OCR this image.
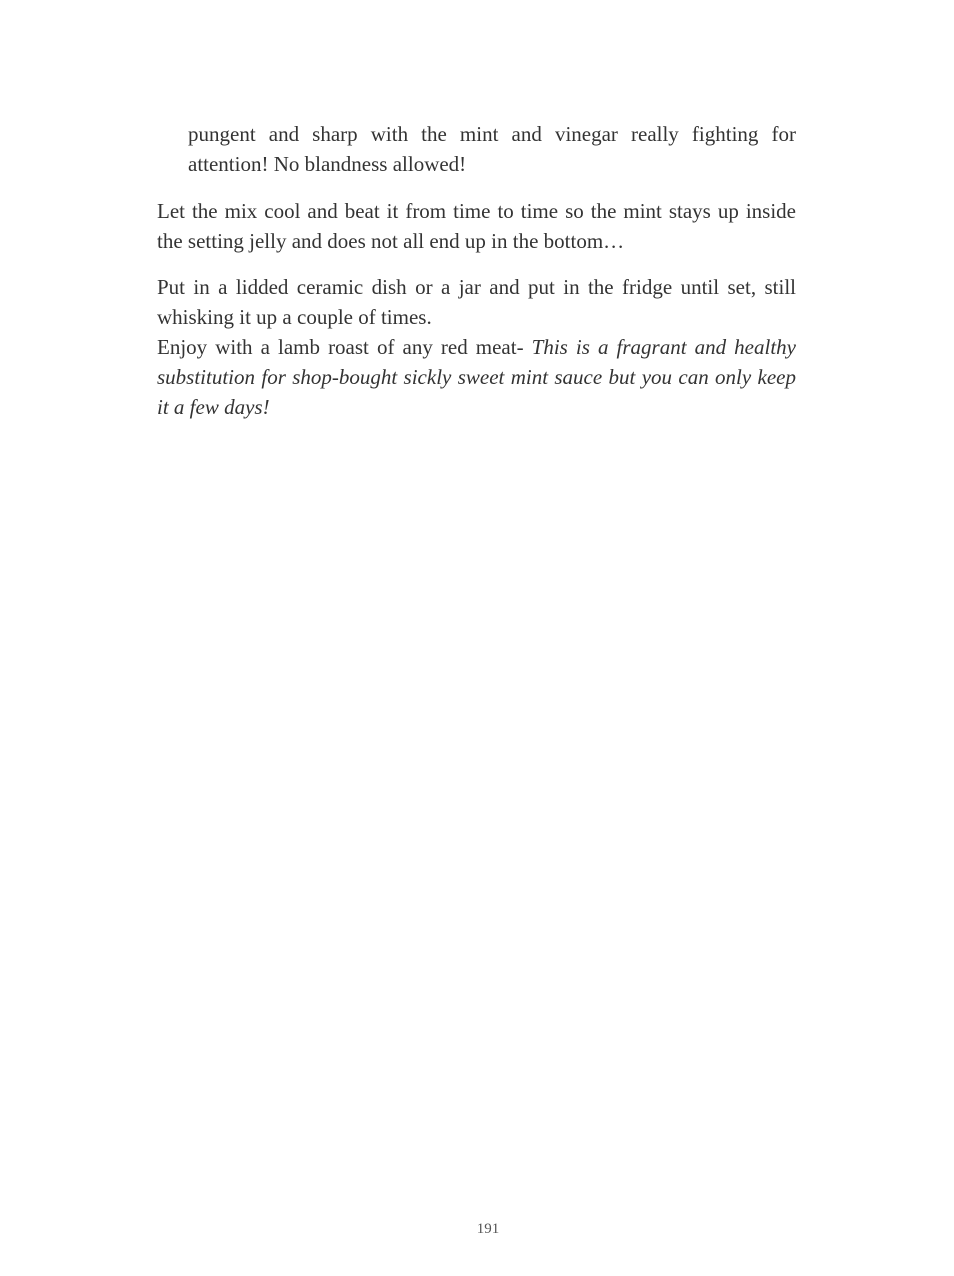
pungent and sharp with the mint and vinegar really fighting for attention! No blandness allowed!

Let the mix cool and beat it from time to time so the mint stays up inside the setting jelly and does not all end up in the bottom…

Put in a lidded ceramic dish or a jar and put in the fridge until set, still whisking it up a couple of times.

Enjoy with a lamb roast of any red meat- This is a fragrant and healthy substitution for shop-bought sickly sweet mint sauce but you can only keep it a few days!

191
